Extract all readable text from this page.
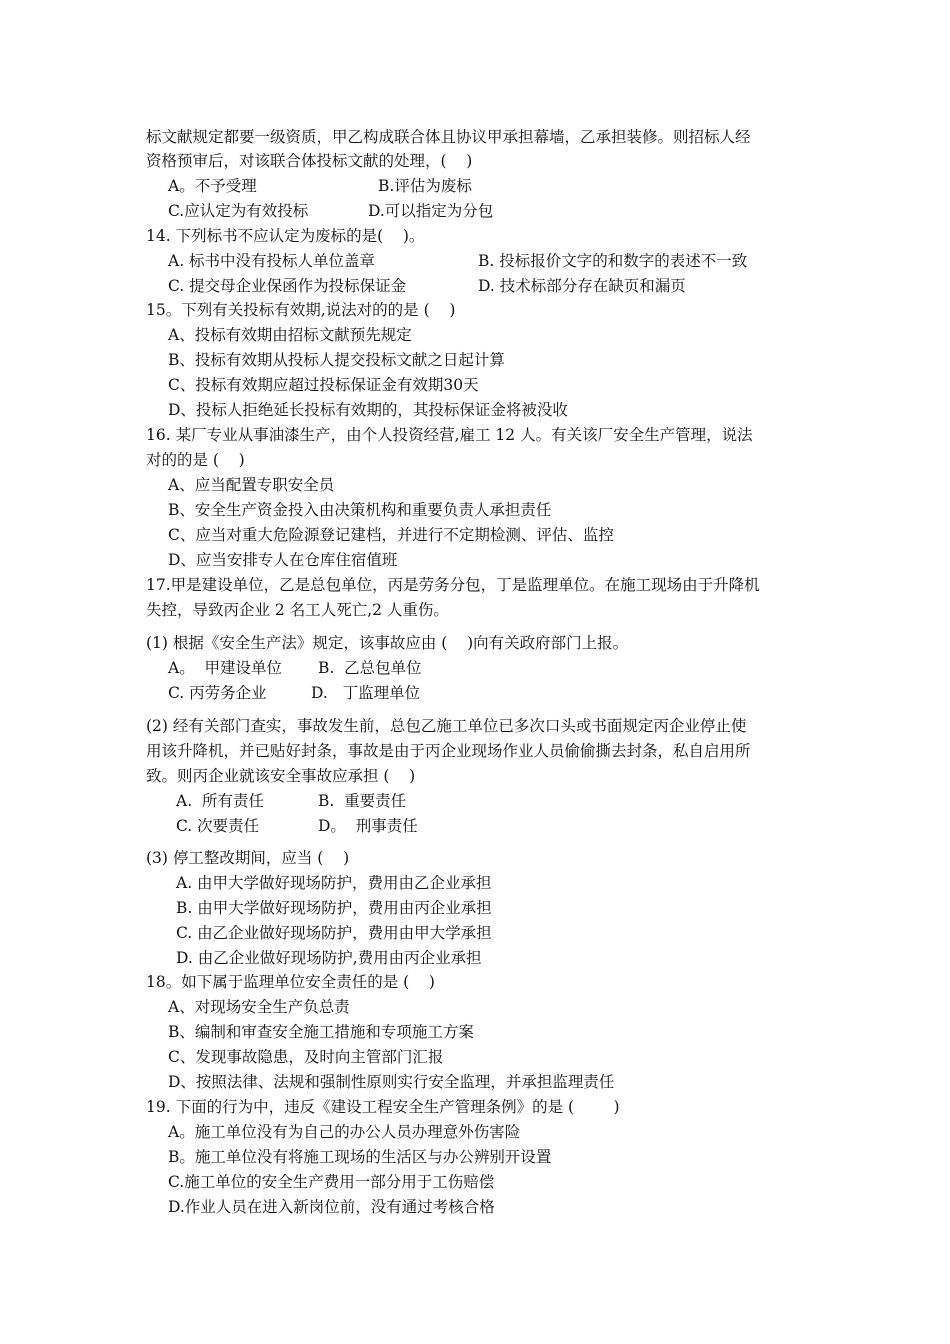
标文献规定都要一级资质，甲乙构成联合体且协议甲承担幕墙，乙承担装修。则招标人经
资格预审后，对该联合体投标文献的处理，(    )
A。不予受理	B.评估为废标
C.应认定为有效投标	D.可以指定为分包
14. 下列标书不应认定为废标的是(    )。
A. 标书中没有投标人单位盖章	B. 投标报价文字的和数字的表述不一致
C. 提交母企业保函作为投标保证金	D. 技术标部分存在缺页和漏页
15。下列有关投标有效期,说法对的的是 (    )
A、投标有效期由招标文献预先规定
B、投标有效期从投标人提交投标文献之日起计算
C、投标有效期应超过投标保证金有效期30天
D、投标人拒绝延长投标有效期的，其投标保证金将被没收
16. 某厂专业从事油漆生产，由个人投资经营,雇工 12 人。有关该厂安全生产管理，说法
对的的是 (    )
A、应当配置专职安全员
B、安全生产资金投入由决策机构和重要负责人承担责任
C、应当对重大危险源登记建档，并进行不定期检测、评估、监控
D、应当安排专人在仓库住宿值班
17.甲是建设单位，乙是总包单位，丙是劳务分包，丁是监理单位。在施工现场由于升降机
失控，导致丙企业 2 名工人死亡,2 人重伤。
(1) 根据《安全生产法》规定，该事故应由 (    )向有关政府部门上报。
A。  甲建设单位 B.  乙总包单位
C. 丙劳务企业	D.   丁监理单位
(2) 经有关部门查实，事故发生前，总包乙施工单位已多次口头或书面规定丙企业停止使
用该升降机，并已贴好封条，事故是由于丙企业现场作业人员偷偷撕去封条，私自启用所
致。则丙企业就该安全事故应承担 (    )
A.  所有责任	B.  重要责任
C. 次要责任	D。  刑事责任
(3) 停工整改期间，应当 (    )
A. 由甲大学做好现场防护，费用由乙企业承担
B. 由甲大学做好现场防护，费用由丙企业承担
C. 由乙企业做好现场防护，费用由甲大学承担
D. 由乙企业做好现场防护,费用由丙企业承担
18。如下属于监理单位安全责任的是 (    )
A、对现场安全生产负总责
B、编制和审查安全施工措施和专项施工方案
C、发现事故隐患，及时向主管部门汇报
D、按照法律、法规和强制性原则实行安全监理，并承担监理责任
19. 下面的行为中，违反《建设工程安全生产管理条例》的是 (        )
A。施工单位没有为自己的办公人员办理意外伤害险
B。施工单位没有将施工现场的生活区与办公辨别开设置
C.施工单位的安全生产费用一部分用于工伤赔偿
D.作业人员在进入新岗位前，没有通过考核合格
